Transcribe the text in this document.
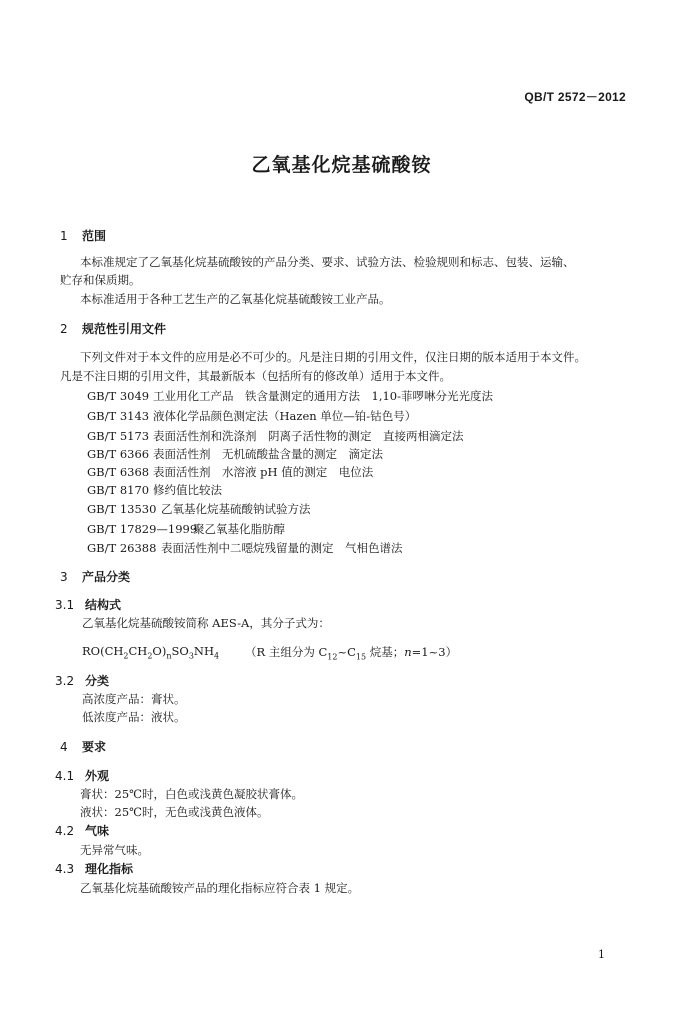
QB/T 2572－2012
乙氧基化烷基硫酸铵
1 范围
本标准规定了乙氧基化烷基硫酸铵的产品分类、要求、试验方法、检验规则和标志、包装、运输、
贮存和保质期。
本标准适用于各种工艺生产的乙氧基化烷基硫酸铵工业产品。
2 规范性引用文件
下列文件对于本文件的应用是必不可少的。凡是注日期的引用文件，仅注日期的版本适用于本文件。
凡是不注日期的引用文件，其最新版本（包括所有的修改单）适用于本文件。
GB/T 3049 工业用化工产品　铁含量测定的通用方法　1,10-菲啰啉分光光度法
GB/T 3143 液体化学品颜色测定法（Hazen 单位—铂-钴色号）
GB/T 5173 表面活性剂和洗涤剂　阴离子活性物的测定　直接两相滴定法
GB/T 6366 表面活性剂　无机硫酸盐含量的测定　滴定法
GB/T 6368 表面活性剂　水溶液 pH 值的测定　电位法
GB/T 8170 修约值比较法
GB/T 13530 乙氧基化烷基硫酸钠试验方法
GB/T 17829—1999聚乙氧基化脂肪醇
GB/T 26388 表面活性剂中二噁烷残留量的测定　气相色谱法
3 产品分类
3.1 结构式
乙氧基化烷基硫酸铵简称 AES-A，其分子式为：
$RO(CH_2CH_2O)_nSO_3NH_4$ （R 主组分为 $C_{12}\sim C_{15}$ 烷基；n=1~3）
3.2 分类
高浓度产品：膏状。
低浓度产品：液状。
4 要求
4.1 外观
膏状：25℃时，白色或浅黄色凝胶状膏体。
液状：25℃时，无色或浅黄色液体。
4.2 气味
无异常气味。
4.3 理化指标
乙氧基化烷基硫酸铵产品的理化指标应符合表 1 规定。
1
